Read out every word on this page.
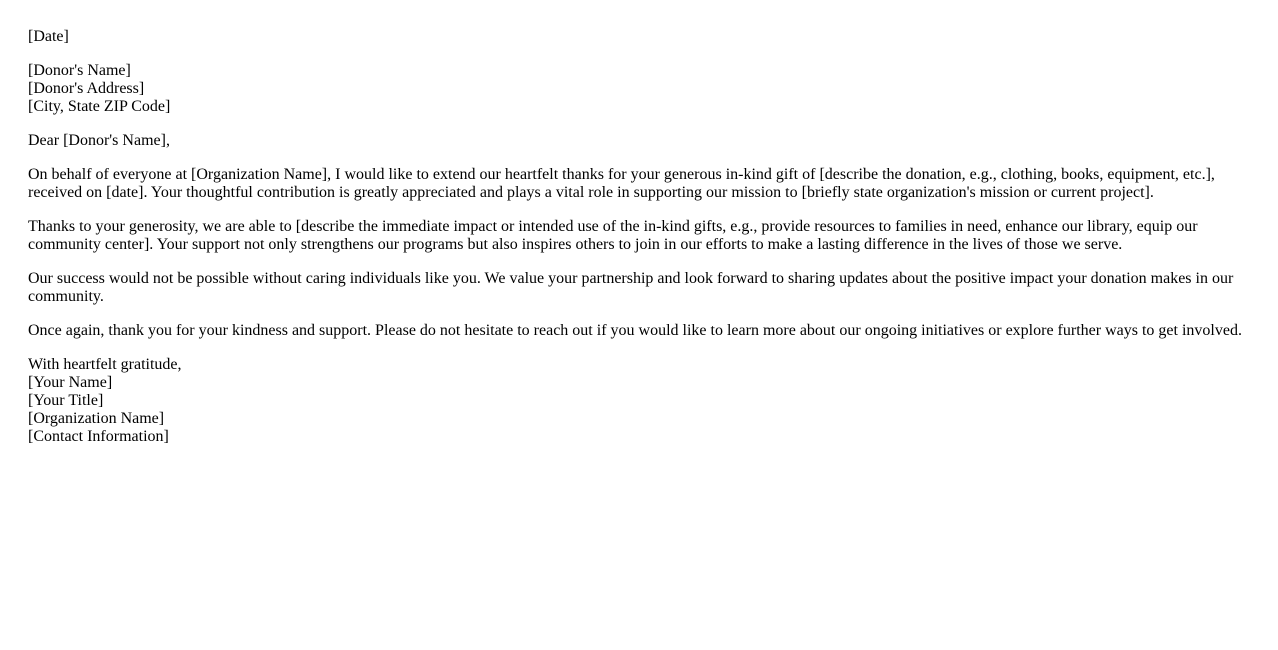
[Date]
[Donor's Name]
[Donor's Address]
[City, State ZIP Code]
Dear [Donor's Name],

On behalf of everyone at [Organization Name], I would like to extend our heartfelt thanks for your generous in-kind gift of [describe the donation, e.g., clothing, books, equipment, etc.], received on [date]. Your thoughtful contribution is greatly appreciated and plays a vital role in supporting our mission to [briefly state organization's mission or current project].

Thanks to your generosity, we are able to [describe the immediate impact or intended use of the in-kind gifts, e.g., provide resources to families in need, enhance our library, equip our community center]. Your support not only strengthens our programs but also inspires others to join in our efforts to make a lasting difference in the lives of those we serve.

Our success would not be possible without caring individuals like you. We value your partnership and look forward to sharing updates about the positive impact your donation makes in our community.

Once again, thank you for your kindness and support. Please do not hesitate to reach out if you would like to learn more about our ongoing initiatives or explore further ways to get involved.

With heartfelt gratitude,
[Your Name]
[Your Title]
[Organization Name]
[Contact Information]
